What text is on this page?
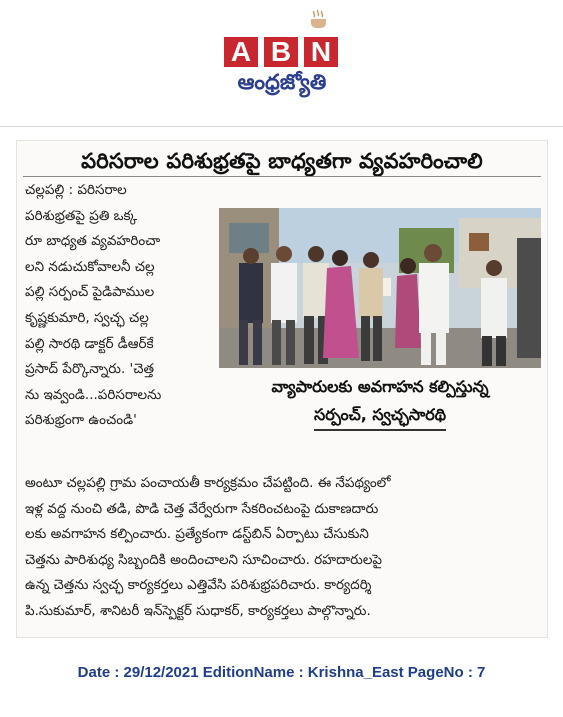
A B N
ఆంధ్రజ్యోతి
పరిసరాల పరిశుభ్రతపై బాధ్యతగా వ్యవహరించాలి
చల్లపల్లి : పరిసరాల
పరిశుభ్రతపై ప్రతి ఒక్క
రూ బాధ్యత వ్యవహరించా
లని నడుచుకోవాలనీ చల్ల
పల్లి సర్పంచ్ పైడిపాముల
కృష్ణకుమారి, స్వచ్ఛ చల్ల
పల్లి సారథి డాక్టర్ డీఆర్‌కే
ప్రసాద్ పేర్కొన్నారు. 'చెత్త
ను ఇవ్వండి...పరిసరాలను
పరిశుభ్రంగా ఉంచండి'
వ్యాపారులకు అవగాహన కల్పిస్తున్న
సర్పంచ్, స్వచ్ఛసారథి
అంటూ చల్లపల్లి గ్రామ పంచాయతీ కార్యక్రమం చేపట్టింది. ఈ నేపథ్యంలో
ఇళ్ల వద్ద నుంచి తడి, పొడి చెత్త వేర్వేరుగా సేకరించటంపై దుకాణదారు
లకు అవగాహన కల్పించారు. ప్రత్యేకంగా డస్ట్‌బిన్ ఏర్పాటు చేసుకుని
చెత్తను పారిశుధ్య సిబ్బందికి అందించాలని సూచించారు. రహదారులపై
ఉన్న చెత్తను స్వచ్ఛ కార్యకర్తలు ఎత్తివేసి పరిశుభ్రపరిచారు. కార్యదర్శి
పి.సుకుమార్, శానిటరీ ఇన్‌స్పెక్టర్ సుధాకర్, కార్యకర్తలు పాల్గొన్నారు.
Date : 29/12/2021 EditionName : Krishna_East PageNo : 7
